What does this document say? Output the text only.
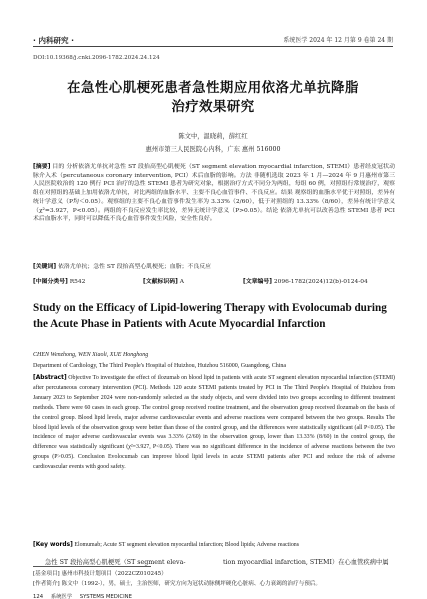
· 内科研究 ·	系统医学 2024 年 12 月第 9 卷第 24 期
DOI:10.19368/j.cnki.2096-1782.2024.24.124
在急性心肌梗死患者急性期应用依洛尤单抗降脂
治疗效果研究
陈文中，温晓莉，薛红红
惠州市第三人民医院心内科，广东 惠州 516000
[摘要] 目的 分析依洛尤单抗对急性 ST 段抬高型心肌梗死（ST segment elevation myocardial infarction, STEMI）患者经皮冠状动脉介入术（percutaneous coronary intervention, PCI）术后血脂的影响。方法 非随机选取 2023 年 1 月—2024 年 9 月惠州市第三人民医院收治的 120 例行 PCI 治疗的急性 STEMI 患者为研究对象，根据治疗方式不同分为两组，每组 60 例，对照组行常规治疗，观察组在对照组的基础上加用依洛尤单抗，对比两组的血脂水平、主要不良心血管事件、不良反应。结果 观察组的血脂水平优于对照组，差异有统计学意义（P均＜0.05）。观察组的主要不良心血管事件发生率为 3.33%（2/60），低于对照组的 13.33%（8/60），差异有统计学意义（χ²=3.927，P<0.05）。两组的不良反应发生率比较，差异无统计学意义（P>0.05）。结论 依洛尤单抗可以改善急性 STEMI 患者 PCI 术后血脂水平，同时可以降低不良心血管事件发生风险，安全性良好。
[关键词] 依洛尤单抗；急性 ST 段抬高型心肌梗死；血脂；不良反应
[中图分类号] R542	[文献标识码] A	[文章编号] 2096-1782(2024)12(b)-0124-04
Study on the Efficacy of Lipid-lowering Therapy with Evolocumab during
the Acute Phase in Patients with Acute Myocardial Infarction
CHEN Wenzhong, WEN Xiaoli, XUE Honghong
Department of Cardiology, The Third People's Hospital of Huizhou, Huizhou 516000, Guangdong, China
[Abstract] Objective To investigate the effect of ilozumab on blood lipid in patients with acute ST segment elevation myocardial infarction (STEMI) after percutaneous coronary intervention (PCI). Methods 120 acute STEMI patients treated by PCI in The Third People's Hospital of Huizhou from January 2023 to September 2024 were non-randomly selected as the study objects, and were divided into two groups according to different treatment methods. There were 60 cases in each group. The control group received routine treatment, and the observation group received ilozumab on the basis of the control group. Blood lipid levels, major adverse cardiovascular events and adverse reactions were compared between the two groups. Results The blood lipid levels of the observation group were better than those of the control group, and the differences were statistically significant (all P<0.05). The incidence of major adverse cardiovascular events was 3.33% (2/60) in the observation group, lower than 13.33% (8/60) in the control group, the difference was statistically significant (χ²=3.927, P<0.05). There was no significant difference in the incidence of adverse reactions between the two groups (P>0.05). Conclusion Evolocumab can improve blood lipid levels in acute STEMI patients after PCI and reduce the risk of adverse cardiovascular events with good safety.
[Key words] Elomumab; Acute ST segment elevation myocardial infarction; Blood lipids; Adverse reactions
急性 ST 段抬高型心肌梗死（ST segment eleva-	tion myocardial infarction, STEMI）在心血管疾病中属
[基金项目] 惠州市科技计划项目（2022CZ010245）
[作者简介] 陈文中（1992-），男，硕士，主治医师，研究方向为冠状动脉侧坪硬化心脏病、心力衰竭的治疗与预后。
124 系统医学 SYSTEMS MEDICINE
